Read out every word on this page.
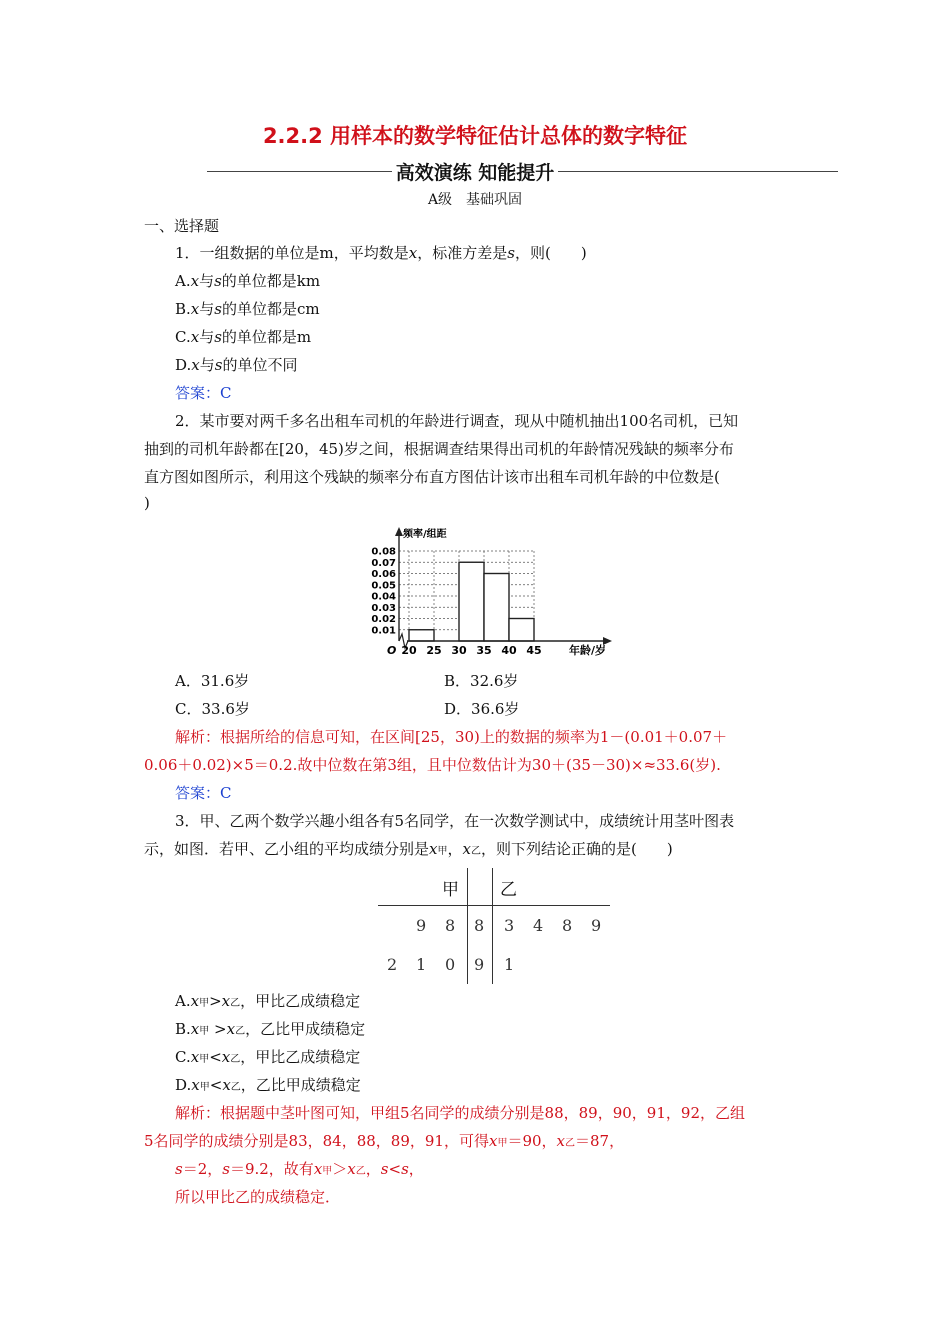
2.2.2 用样本的数学特征估计总体的数字特征
高效演练 知能提升
A级　基础巩固
一、选择题
1．一组数据的单位是m，平均数是x，标准方差是s，则(　　)
A.x与s的单位都是km
B.x与s的单位都是cm
C.x与s的单位都是m
D.x与s的单位不同
答案：C
2．某市要对两千多名出租车司机的年龄进行调查，现从中随机抽出100名司机，已知
抽到的司机年龄都在[20，45)岁之间，根据调查结果得出司机的年龄情况残缺的频率分布
直方图如图所示，利用这个残缺的频率分布直方图估计该市出租车司机年龄的中位数是(
)
频率/组距
年龄/岁
O
0.01
0.02
0.03
0.04
0.05
0.06
0.07
0.08
20 25 30 35 40 45
A．31.6岁	B．32.6岁
C．33.6岁	D．36.6岁
解析：根据所给的信息可知，在区间[25，30)上的数据的频率为1－(0.01＋0.07＋
0.06＋0.02)×5＝0.2.故中位数在第3组，且中位数估计为30＋(35－30)×≈33.6(岁).
答案：C
3．甲、乙两个数学兴趣小组各有5名同学，在一次数学测试中，成绩统计用茎叶图表
示，如图．若甲、乙小组的平均成绩分别是x甲，x乙，则下列结论正确的是(　　)
甲 乙
9 8 8 3 4 8 9
2 1 0 9 1
A.x甲>x乙，甲比乙成绩稳定
B.x甲 >x乙，乙比甲成绩稳定
C.x甲<x乙，甲比乙成绩稳定
D.x甲<x乙，乙比甲成绩稳定
解析：根据题中茎叶图可知，甲组5名同学的成绩分别是88，89，90，91，92，乙组
5名同学的成绩分别是83，84，88，89，91，可得x甲＝90，x乙＝87，
s＝2，s＝9.2，故有x甲＞x乙，s<s，
所以甲比乙的成绩稳定．
